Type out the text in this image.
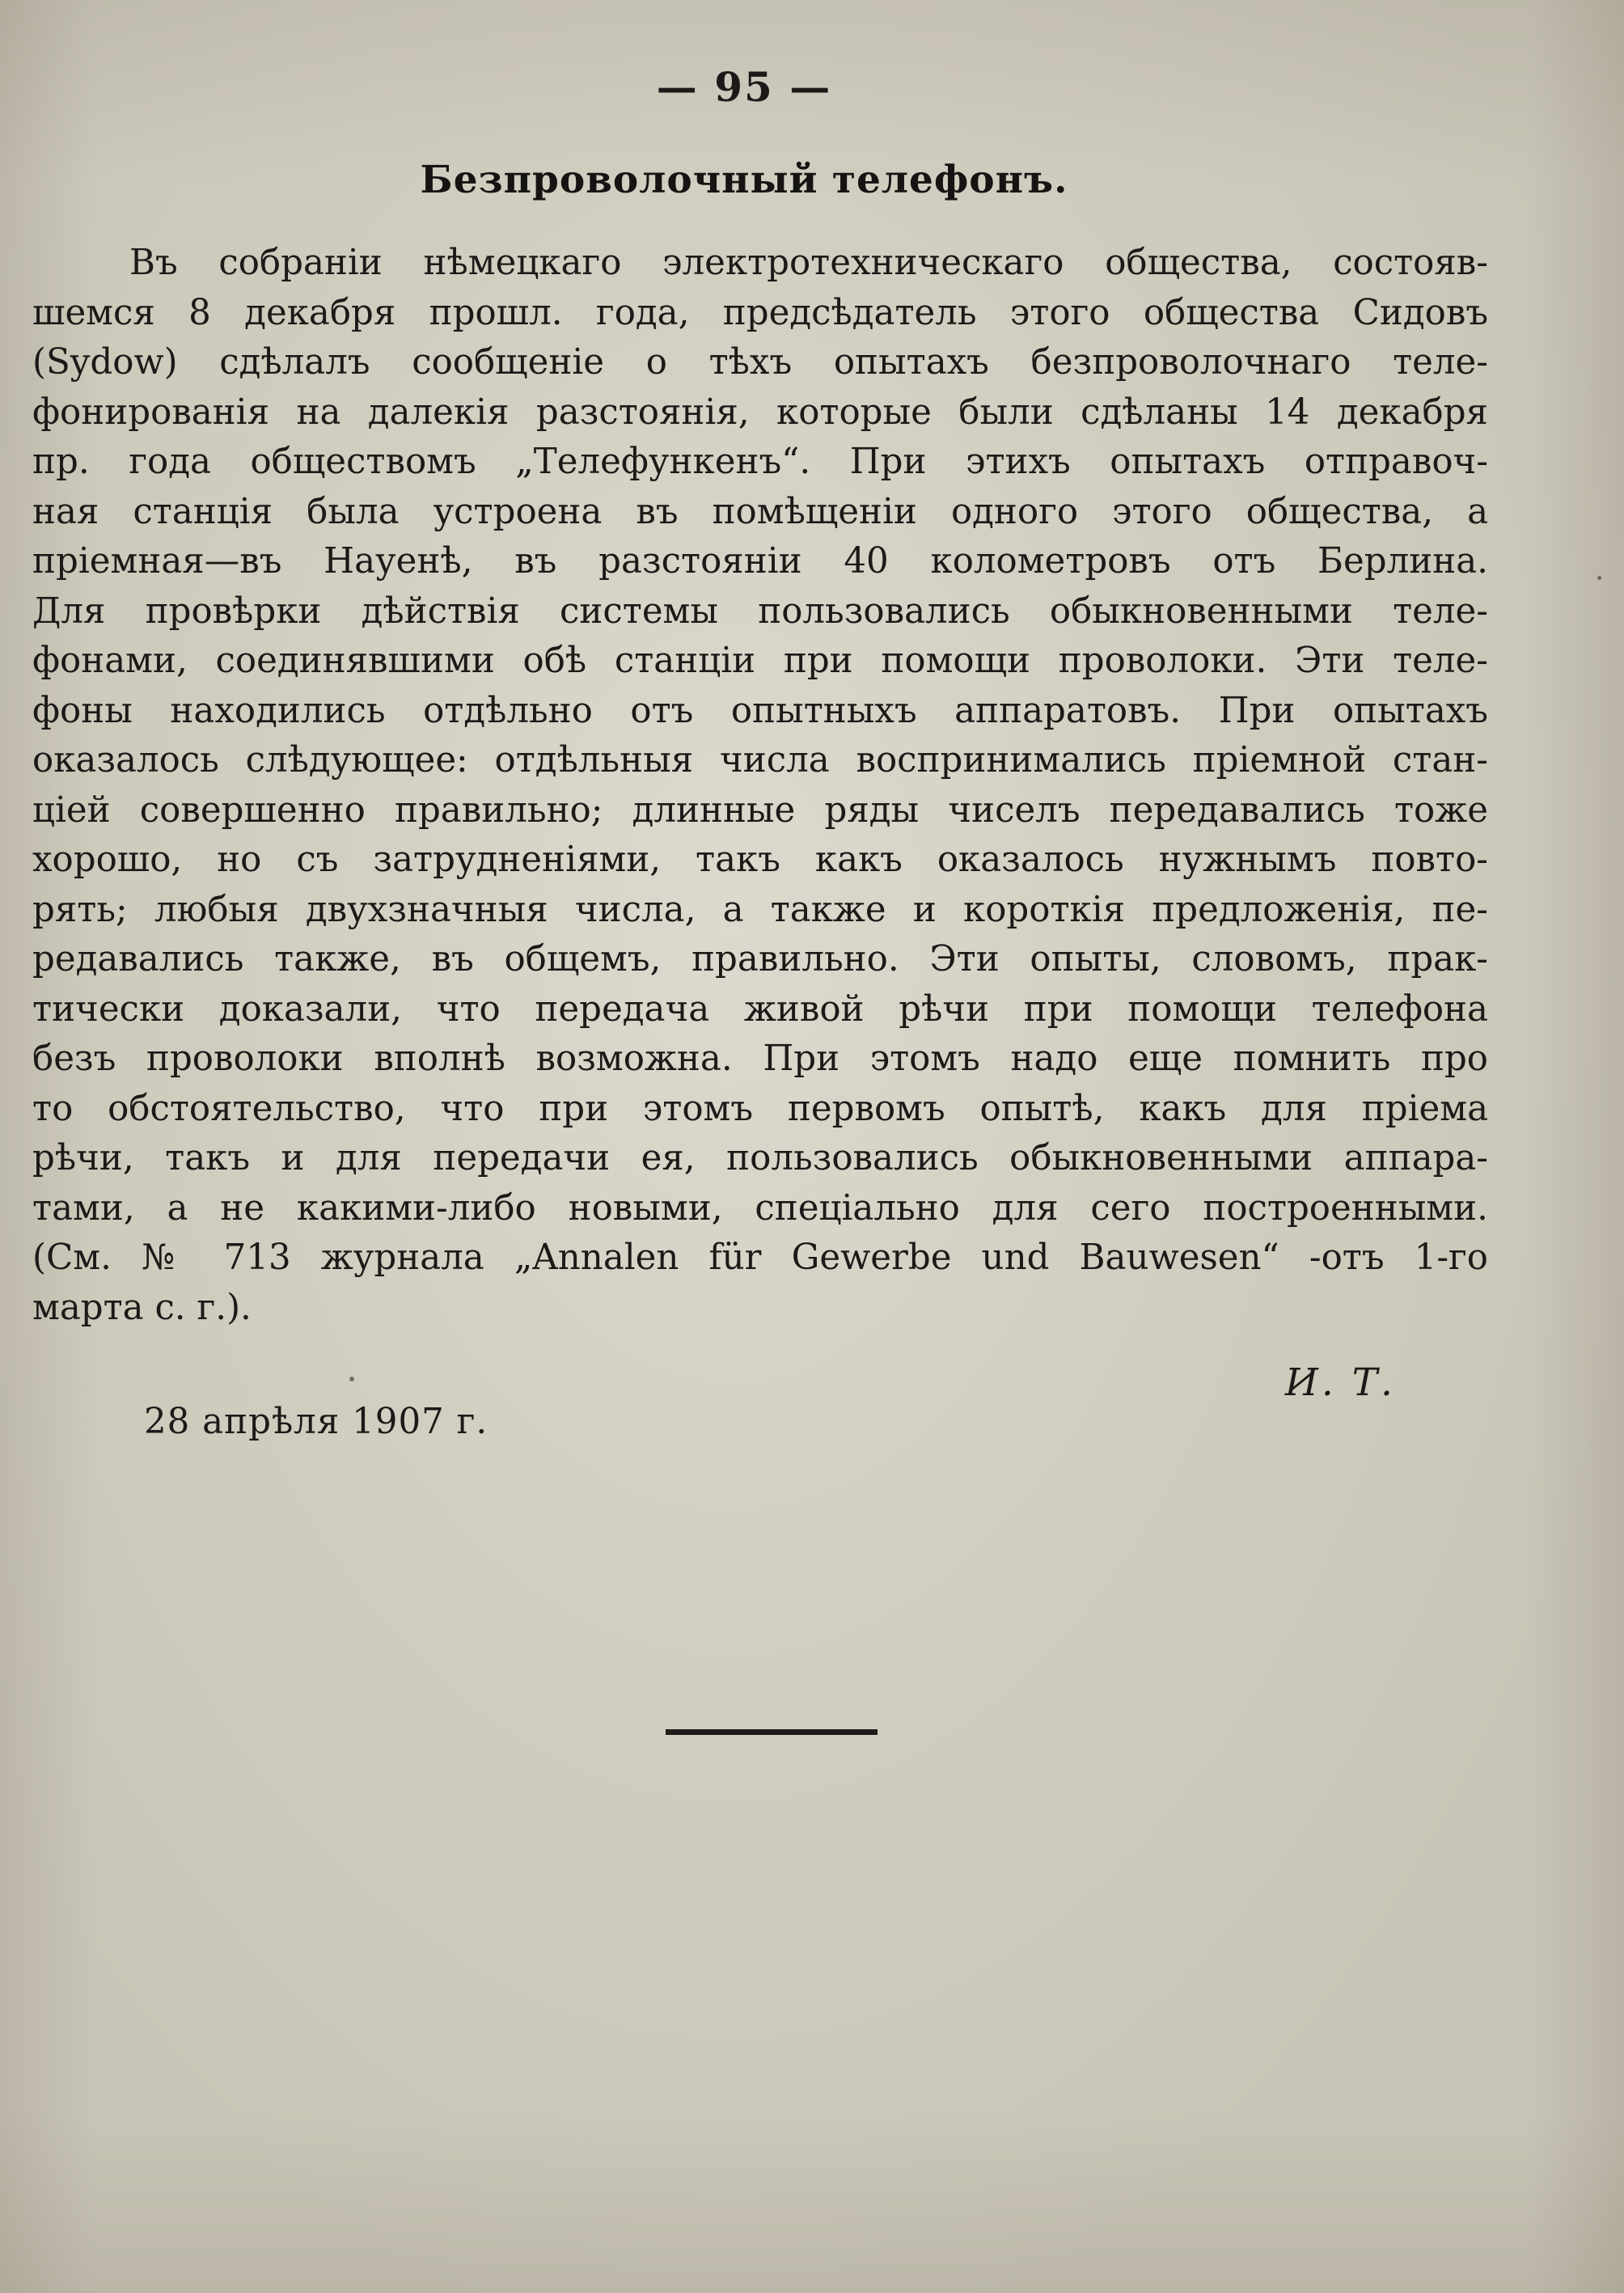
— 95 —
Безпроволочный телефонъ.
Въ собраніи нѣмецкаго электротехническаго общества, состояв-
шемся 8 декабря прошл. года, предсѣдатель этого общества Сидовъ
(Sydow) сдѣлалъ сообщеніе о тѣхъ опытахъ безпроволочнаго теле-
фонированія на далекія разстоянія, которые были сдѣланы 14 декабря
пр. года обществомъ „Телефункенъ“. При этихъ опытахъ отправоч-
ная станція была устроена въ помѣщеніи одного этого общества, а
пріемная—въ Науенѣ, въ разстояніи 40 колометровъ отъ Берлина.
Для провѣрки дѣйствія системы пользовались обыкновенными теле-
фонами, соединявшими обѣ станціи при помощи проволоки. Эти теле-
фоны находились отдѣльно отъ опытныхъ аппаратовъ. При опытахъ
оказалось слѣдующее: отдѣльныя числа воспринимались пріемной стан-
ціей совершенно правильно; длинные ряды чиселъ передавались тоже
хорошо, но съ затрудненіями, такъ какъ оказалось нужнымъ повто-
рять; любыя двухзначныя числа, а также и короткія предложенія, пе-
редавались также, въ общемъ, правильно. Эти опыты, словомъ, прак-
тически доказали, что передача живой рѣчи при помощи телефона
безъ проволоки вполнѣ возможна. При этомъ надо еще помнить про
то обстоятельство, что при этомъ первомъ опытѣ, какъ для пріема
рѣчи, такъ и для передачи ея, пользовались обыкновенными аппара-
тами, а не какими-либо новыми, спеціально для сего построенными.
(См. № 713 журнала „Annalen für Gewerbe und Bauwesen“ -отъ 1-го
марта с. г.).
И. Т.
28 апрѣля 1907 г.
